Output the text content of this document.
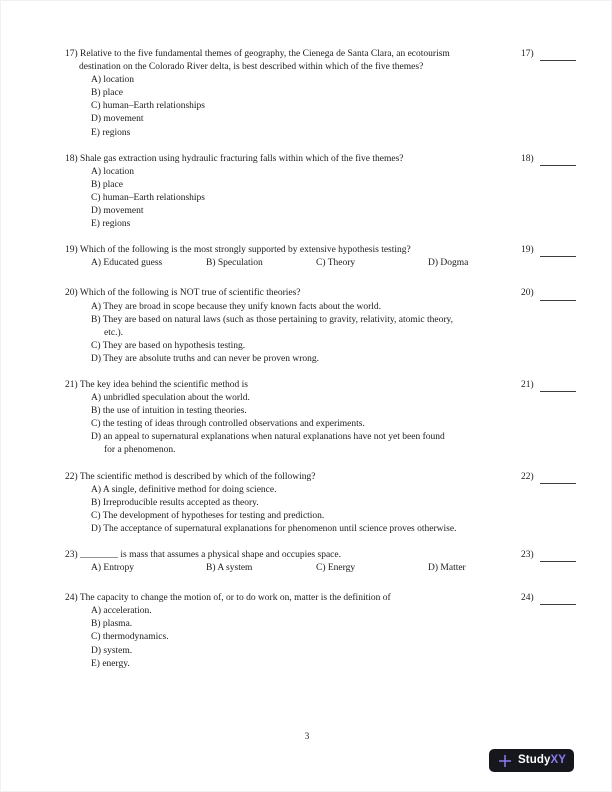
17) Relative to the five fundamental themes of geography, the Cienega de Santa Clara, an ecotourism
destination on the Colorado River delta, is best described within which of the five themes?
A) location
B) place
C) human–Earth relationships
D) movement
E) regions
17)
18) Shale gas extraction using hydraulic fracturing falls within which of the five themes?
A) location
B) place
C) human–Earth relationships
D) movement
E) regions
18)
19) Which of the following is the most strongly supported by extensive hypothesis testing?
A) Educated guess	B) Speculation	C) Theory	D) Dogma
19)
20) Which of the following is NOT true of scientific theories?
A) They are broad in scope because they unify known facts about the world.
B) They are based on natural laws (such as those pertaining to gravity, relativity, atomic theory,
etc.).
C) They are based on hypothesis testing.
D) They are absolute truths and can never be proven wrong.
20)
21) The key idea behind the scientific method is
A) unbridled speculation about the world.
B) the use of intuition in testing theories.
C) the testing of ideas through controlled observations and experiments.
D) an appeal to supernatural explanations when natural explanations have not yet been found
for a phenomenon.
21)
22) The scientific method is described by which of the following?
A) A single, definitive method for doing science.
B) Irreproducible results accepted as theory.
C) The development of hypotheses for testing and prediction.
D) The acceptance of supernatural explanations for phenomenon until science proves otherwise.
22)
23) ________ is mass that assumes a physical shape and occupies space.
A) Entropy	B) A system	C) Energy	D) Matter
23)
24) The capacity to change the motion of, or to do work on, matter is the definition of
A) acceleration.
B) plasma.
C) thermodynamics.
D) system.
E) energy.
24)
3
Study XY
